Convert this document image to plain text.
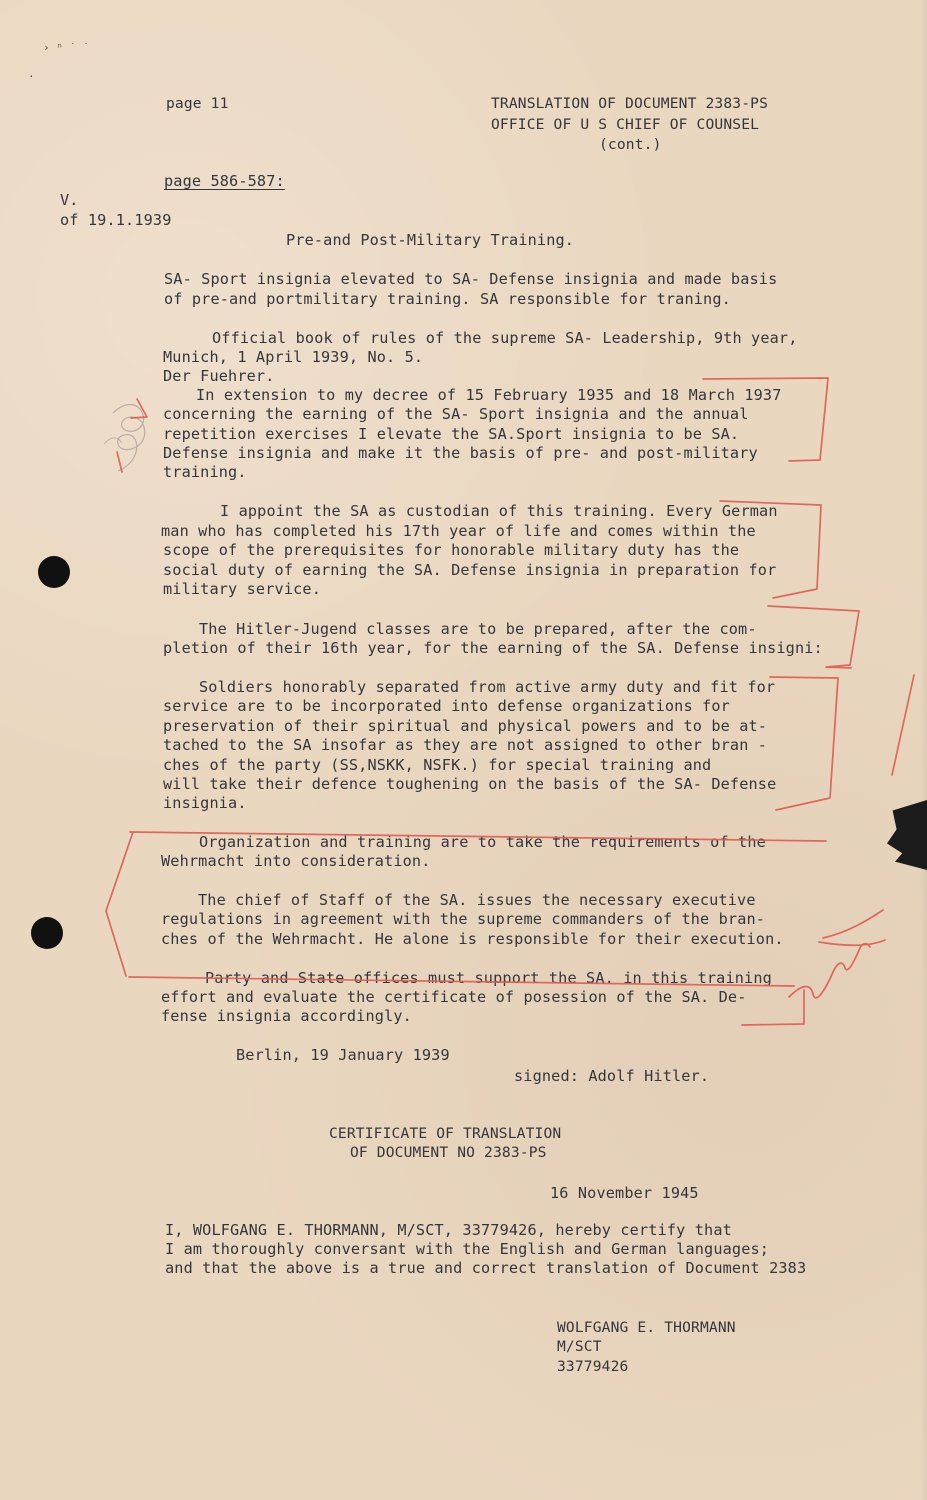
› ⁿ ˙ ˙
·
page 11	TRANSLATION OF DOCUMENT 2383-PS
OFFICE OF U S CHIEF OF COUNSEL
(cont.)
page 586-587:
V.
of 19.1.1939
Pre-and Post-Military Training.
SA- Sport insignia elevated to SA- Defense insignia and made basis
of pre-and portmilitary training. SA responsible for traning.
Official book of rules of the supreme SA- Leadership, 9th year,
Munich, 1 April 1939, No. 5.
Der Fuehrer.
In extension to my decree of 15 February 1935 and 18 March 1937
concerning the earning of the SA- Sport insignia and the annual
repetition exercises I elevate the SA.Sport insignia to be SA.
Defense insignia and make it the basis of pre- and post-military
training.
I appoint the SA as custodian of this training. Every German
man who has completed his 17th year of life and comes within the
scope of the prerequisites for honorable military duty has the
social duty of earning the SA. Defense insignia in preparation for
military service.
The Hitler-Jugend classes are to be prepared, after the com-
pletion of their 16th year, for the earning of the SA. Defense insigni:
Soldiers honorably separated from active army duty and fit for
service are to be incorporated into defense organizations for
preservation of their spiritual and physical powers and to be at-
tached to the SA insofar as they are not assigned to other bran -
ches of the party (SS,NSKK, NSFK.) for special training and
will take their defence toughening on the basis of the SA- Defense
insignia.
Organization and training are to take the requirements of the
Wehrmacht into consideration.
The chief of Staff of the SA. issues the necessary executive
regulations in agreement with the supreme commanders of the bran-
ches of the Wehrmacht. He alone is responsible for their execution.
Party and State offices must support the SA. in this training
effort and evaluate the certificate of posession of the SA. De-
fense insignia accordingly.
Berlin, 19 January 1939
signed: Adolf Hitler.
CERTIFICATE OF TRANSLATION
OF DOCUMENT NO 2383-PS
16 November 1945
I, WOLFGANG E. THORMANN, M/SCT, 33779426, hereby certify that
I am thoroughly conversant with the English and German languages;
and that the above is a true and correct translation of Document 2383
WOLFGANG E. THORMANN
M/SCT
33779426
